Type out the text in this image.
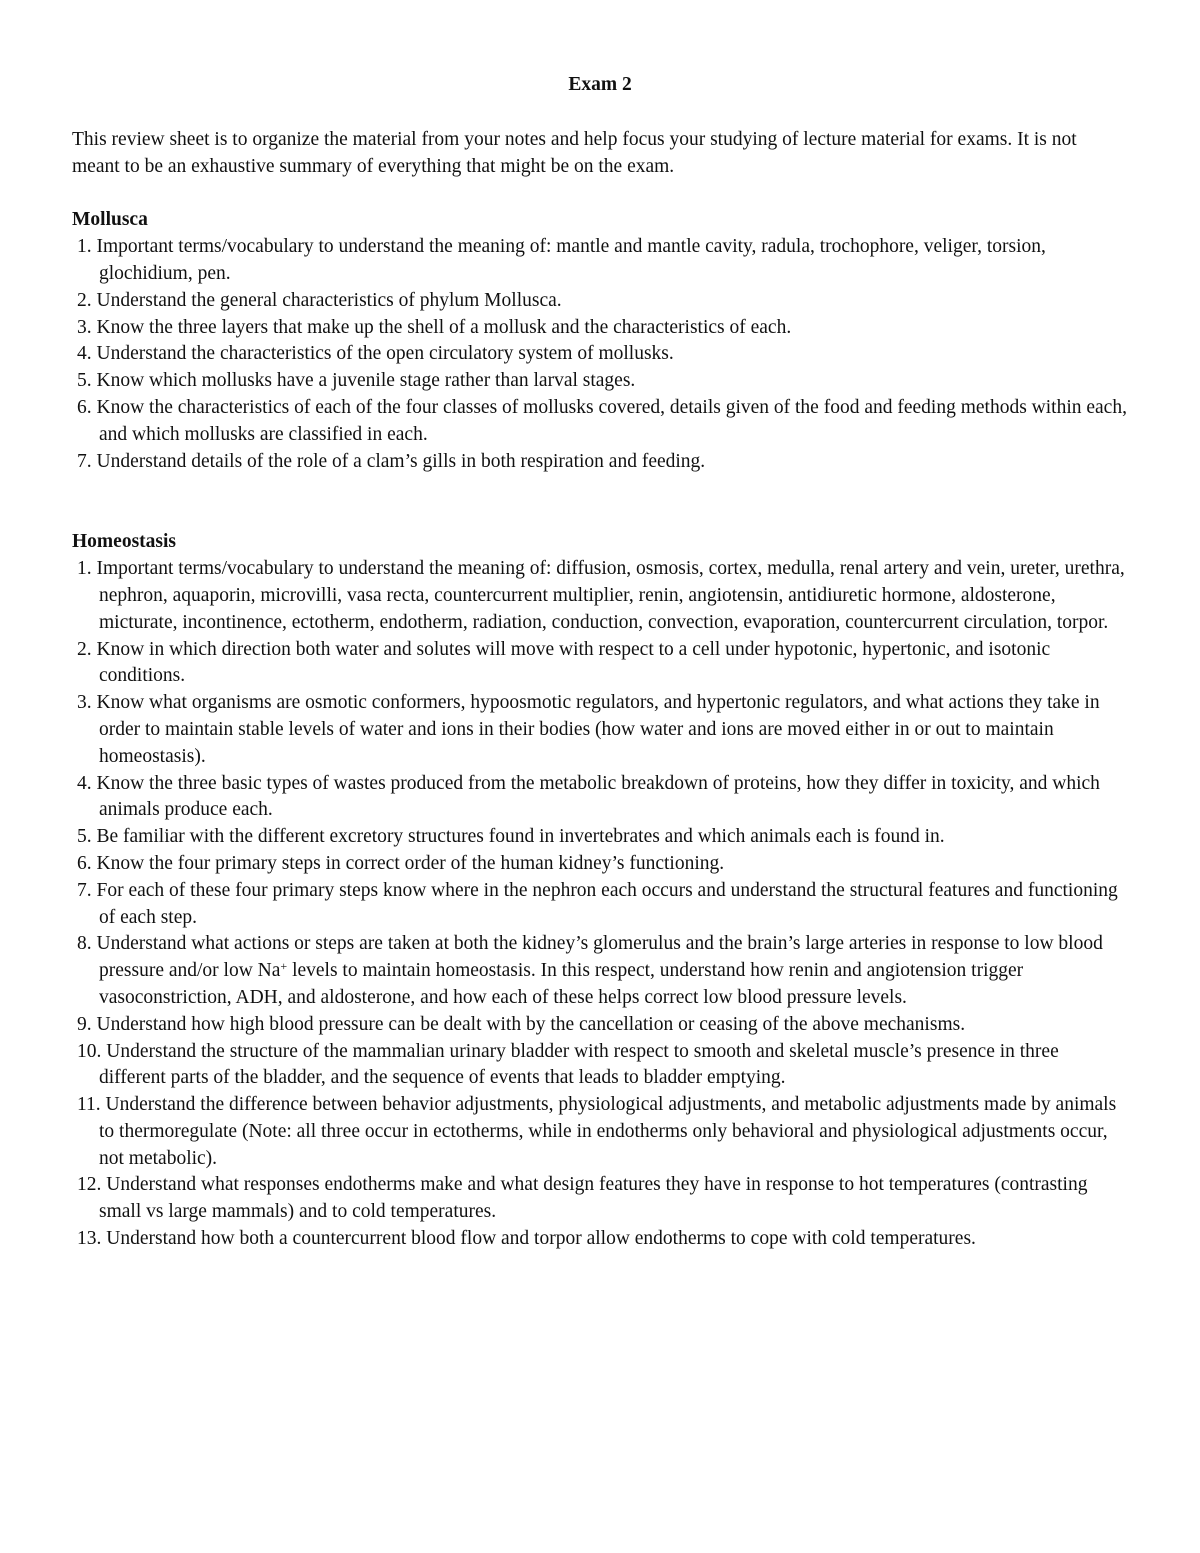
Exam 2

This review sheet is to organize the material from your notes and help focus your studying of lecture material for exams. It is not meant to be an exhaustive summary of everything that might be on the exam.

Mollusca
1. Important terms/vocabulary to understand the meaning of: mantle and mantle cavity, radula, trochophore, veliger, torsion, glochidium, pen.
2. Understand the general characteristics of phylum Mollusca.
3. Know the three layers that make up the shell of a mollusk and the characteristics of each.
4. Understand the characteristics of the open circulatory system of mollusks.
5. Know which mollusks have a juvenile stage rather than larval stages.
6. Know the characteristics of each of the four classes of mollusks covered, details given of the food and feeding methods within each, and which mollusks are classified in each.
7. Understand details of the role of a clam’s gills in both respiration and feeding.
Homeostasis
1. Important terms/vocabulary to understand the meaning of: diffusion, osmosis, cortex, medulla, renal artery and vein, ureter, urethra, nephron, aquaporin, microvilli, vasa recta, countercurrent multiplier, renin, angiotensin, antidiuretic hormone, aldosterone, micturate, incontinence, ectotherm, endotherm, radiation, conduction, convection, evaporation, countercurrent circulation, torpor.
2. Know in which direction both water and solutes will move with respect to a cell under hypotonic, hypertonic, and isotonic conditions.
3. Know what organisms are osmotic conformers, hypoosmotic regulators, and hypertonic regulators, and what actions they take in order to maintain stable levels of water and ions in their bodies (how water and ions are moved either in or out to maintain homeostasis).
4. Know the three basic types of wastes produced from the metabolic breakdown of proteins, how they differ in toxicity, and which animals produce each.
5. Be familiar with the different excretory structures found in invertebrates and which animals each is found in.
6. Know the four primary steps in correct order of the human kidney’s functioning.
7. For each of these four primary steps know where in the nephron each occurs and understand the structural features and functioning of each step.
8. Understand what actions or steps are taken at both the kidney’s glomerulus and the brain’s large arteries in response to low blood pressure and/or low Na+ levels to maintain homeostasis. In this respect, understand how renin and angiotension trigger vasoconstriction, ADH, and aldosterone, and how each of these helps correct low blood pressure levels.
9. Understand how high blood pressure can be dealt with by the cancellation or ceasing of the above mechanisms.
10. Understand the structure of the mammalian urinary bladder with respect to smooth and skeletal muscle’s presence in three different parts of the bladder, and the sequence of events that leads to bladder emptying.
11. Understand the difference between behavior adjustments, physiological adjustments, and metabolic adjustments made by animals to thermoregulate (Note: all three occur in ectotherms, while in endotherms only behavioral and physiological adjustments occur, not metabolic).
12. Understand what responses endotherms make and what design features they have in response to hot temperatures (contrasting small vs large mammals) and to cold temperatures.
13. Understand how both a countercurrent blood flow and torpor allow endotherms to cope with cold temperatures.
